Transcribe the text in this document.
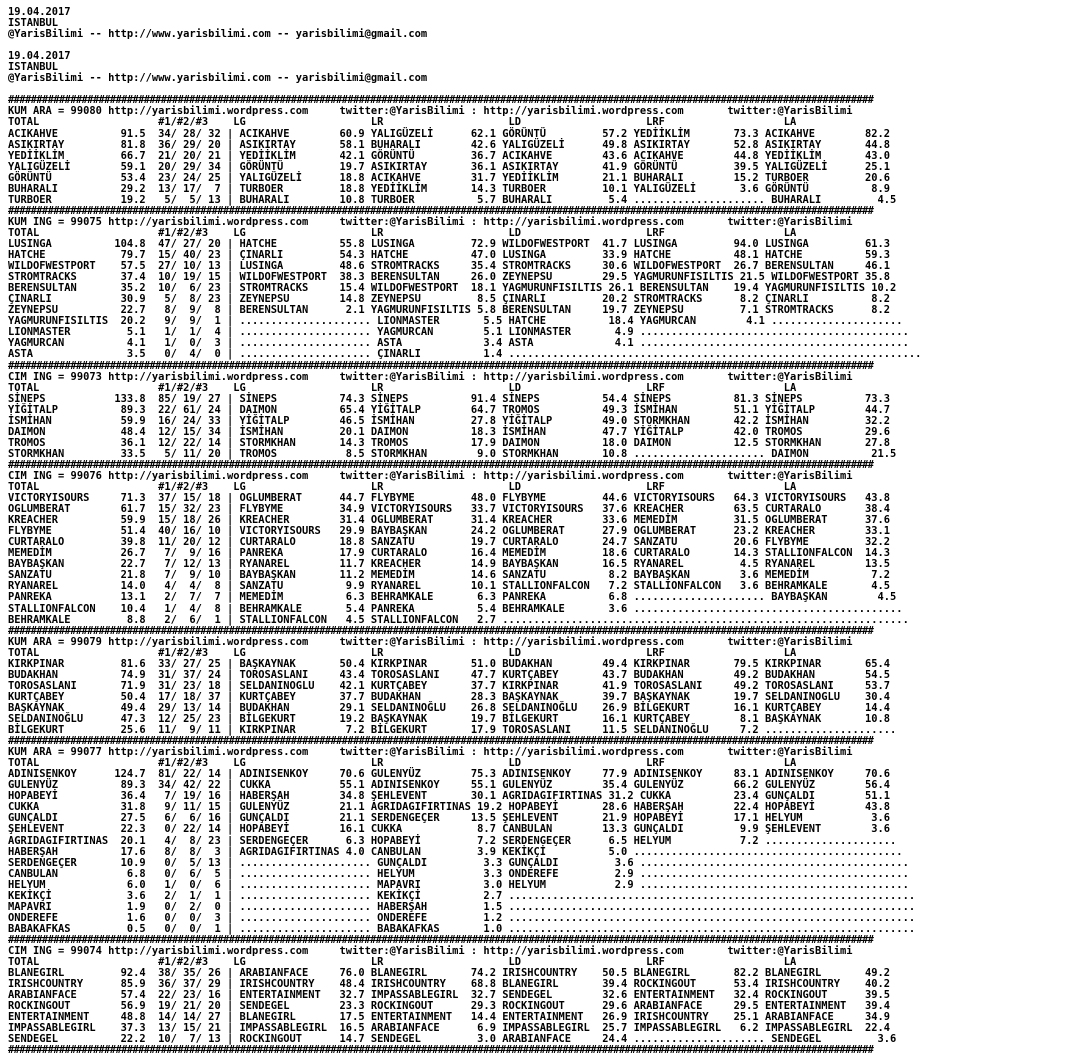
19.04.2017
ISTANBUL
@YarisBilimi -- http://www.yarisbilimi.com -- yarisbilimi@gmail.com

19.04.2017
ISTANBUL
@YarisBilimi -- http://www.yarisbilimi.com -- yarisbilimi@gmail.com

#########################################################################################################################################################
KUM ARA = 99080 http://yarisbilimi.wordpress.com     twitter:@YarisBilimi : http://yarisbilimi.wordpress.com       twitter:@YarisBilimi
TOTAL                   #1/#2/#3    LG                    LR                    LD                    LRF                   LA
ACIKAHVE          91.5  34/ 28/ 32 | ACIKAHVE        60.9 YALIGÜZELİ      62.1 GÖRÜNTÜ         57.2 YEDİİKLİM       73.3 ACIKAHVE        82.2
ASIKIRTAY         81.8  36/ 29/ 20 | ASIKIRTAY       58.1 BUHARALI        42.6 YALIGÜZELİ      49.8 ASIKIRTAY       52.8 ASIKIRTAY       44.8
YEDİİKLİM         66.7  21/ 20/ 21 | YEDİİKLİM       42.1 GÖRÜNTÜ         36.7 ACIKAHVE        43.6 ACIKAHVE        44.8 YEDİİKLİM       43.0
YALIGÜZELİ        59.1  20/ 29/ 34 | GÖRÜNTÜ         19.7 ASIKIRTAY       36.1 ASIKIRTAY       41.9 GÖRÜNTÜ         39.5 YALIGÜZELİ      25.1
GÖRÜNTÜ           53.4  23/ 24/ 25 | YALIGÜZELİ      18.8 ACIKAHVE        31.7 YEDİİKLİM       21.1 BUHARALI        15.2 TURBOER         20.6
BUHARALI          29.2  13/ 17/  7 | TURBOER         18.8 YEDİİKLİM       14.3 TURBOER         10.1 YALIGÜZELİ       3.6 GÖRÜNTÜ          8.9
TURBOER           19.2   5/  5/ 13 | BUHARALI        10.8 TURBOER          5.7 BUHARALI         5.4 ..................... BUHARALI         4.5
#########################################################################################################################################################
KUM ING = 99075 http://yarisbilimi.wordpress.com     twitter:@YarisBilimi : http://yarisbilimi.wordpress.com       twitter:@YarisBilimi
TOTAL                   #1/#2/#3    LG                    LR                    LD                    LRF                   LA
LUSINGA          104.8  47/ 27/ 20 | HATCHE          55.8 LUSINGA         72.9 WILDOFWESTPORT  41.7 LUSINGA         94.0 LUSINGA         61.3
HATCHE            79.7  15/ 40/ 23 | ÇINARLI         54.3 HATCHE          47.0 LUSINGA         33.9 HATCHE          48.1 HATCHE          59.3
WILDOFWESTPORT    57.5  27/ 10/ 13 | LUSINGA         48.6 STROMTRACKS     35.4 STROMTRACKS     30.6 WILDOFWESTPORT  26.7 BERENSULTAN     46.1
STROMTRACKS       37.4  10/ 19/ 15 | WILDOFWESTPORT  38.3 BERENSULTAN     26.0 ZEYNEPSU        29.5 YAGMURUNFISILTIS 21.5 WILDOFWESTPORT 35.8
BERENSULTAN       35.2  10/  6/ 23 | STROMTRACKS     15.4 WILDOFWESTPORT  18.1 YAGMURUNFISILTIS 26.1 BERENSULTAN    19.4 YAGMURUNFISILTIS 10.2
ÇINARLI           30.9   5/  8/ 23 | ZEYNEPSU        14.8 ZEYNEPSU         8.5 ÇINARLI         20.2 STROMTRACKS      8.2 ÇINARLI          8.2
ZEYNEPSU          22.7   8/  9/  8 | BERENSULTAN      2.1 YAGMURUNFISILTIS 5.8 BERENSULTAN     19.7 ZEYNEPSU         7.1 STROMTRACKS      8.2
YAGMURUNFISILTIS  20.2   9/  9/  1 | ..................... LIONMASTER       5.5 HATCHE          18.4 YAGMURCAN        4.1 .....................
LIONMASTER         5.1   1/  1/  4 | ..................... YAGMURCAN        5.1 LIONMASTER       4.9 ...........................................
YAGMURCAN          4.1   1/  0/  3 | ..................... ASTA             3.4 ASTA             4.1 ...........................................
ASTA               3.5   0/  4/  0 | ..................... ÇINARLI          1.4 ..................................................................
#########################################################################################################################################################
CIM ING = 99073 http://yarisbilimi.wordpress.com     twitter:@YarisBilimi : http://yarisbilimi.wordpress.com       twitter:@YarisBilimi
TOTAL                   #1/#2/#3    LG                    LR                    LD                    LRF                   LA
SİNEPS           133.8  85/ 19/ 27 | SİNEPS          74.3 SİNEPS          91.4 SİNEPS          54.4 SİNEPS          81.3 SİNEPS          73.3
YİĞİTALP          89.3  22/ 61/ 24 | DAIMON          65.4 YİĞİTALP        64.7 TROMOS          49.3 İSMİHAN         51.1 YİĞİTALP        44.7
İSMİHAN           59.9  16/ 24/ 33 | YİĞİTALP        46.5 İSMİHAN         27.8 YİĞİTALP        49.0 STORMKHAN       42.2 İSMİHAN         32.2
DAIMON            48.4  12/ 15/ 34 | İSMİHAN         20.1 DAIMON          18.3 İSMİHAN         47.7 YİĞİTALP        42.0 TROMOS          29.6
TROMOS            36.1  12/ 22/ 14 | STORMKHAN       14.3 TROMOS          17.9 DAIMON          18.0 DAIMON          12.5 STORMKHAN       27.8
STORMKHAN         33.5   5/ 11/ 20 | TROMOS           8.5 STORMKHAN        9.0 STORMKHAN       10.8 ..................... DAIMON          21.5
#########################################################################################################################################################
CIM ING = 99076 http://yarisbilimi.wordpress.com     twitter:@YarisBilimi : http://yarisbilimi.wordpress.com       twitter:@YarisBilimi
TOTAL                   #1/#2/#3    LG                    LR                    LD                    LRF                   LA
VICTORYISOURS     71.3  37/ 15/ 18 | OGLUMBERAT      44.7 FLYBYME         48.0 FLYBYME         44.6 VICTORYISOURS   64.3 VICTORYISOURS   43.8
OGLUMBERAT        61.7  15/ 32/ 23 | FLYBYME         34.9 VICTORYISOURS   33.7 VICTORYISOURS   37.6 KREACHER        63.5 CURTARALO       38.4
KREACHER          59.9  15/ 18/ 26 | KREACHER        31.4 OGLUMBERAT      31.4 KREACHER        33.6 MEMEDİM         31.5 OGLUMBERAT      37.6
FLYBYME           51.4  40/ 16/ 10 | VICTORYISOURS   29.9 BAYBAŞKAN       24.2 OGLUMBERAT      27.9 OGLUMBERAT      23.2 KREACHER        33.1
CURTARALO         39.8  11/ 20/ 12 | CURTARALO       18.8 SANZATU         19.7 CURTARALO       24.7 SANZATU         20.6 FLYBYME         32.2
MEMEDİM           26.7   7/  9/ 16 | PANREKA         17.9 CURTARALO       16.4 MEMEDİM         18.6 CURTARALO       14.3 STALLIONFALCON  14.3
BAYBAŞKAN         22.7   7/ 12/ 13 | RYANAREL        11.7 KREACHER        14.9 BAYBAŞKAN       16.5 RYANAREL         4.5 RYANAREL        13.5
SANZATU           21.8   7/  9/ 10 | BAYBAŞKAN       11.2 MEMEDİM         14.6 SANZATU          8.2 BAYBAŞKAN        3.6 MEMEDİM          7.2
RYANAREL          14.0   4/  4/  8 | SANZATU          9.9 RYANAREL        10.1 STALLIONFALCON   7.2 STALLIONFALCON   3.6 BEHRAMKALE       4.5
PANREKA           13.1   2/  7/  7 | MEMEDİM          6.3 BEHRAMKALE       6.3 PANREKA          6.8 ..................... BAYBAŞKAN        4.5
STALLIONFALCON    10.4   1/  4/  8 | BEHRAMKALE       5.4 PANREKA          5.4 BEHRAMKALE       3.6 ...........................................
BEHRAMKALE         8.8   2/  6/  1 | STALLIONFALCON   4.5 STALLIONFALCON   2.7 .................................................................
#########################################################################################################################################################
KUM ARA = 99079 http://yarisbilimi.wordpress.com     twitter:@YarisBilimi : http://yarisbilimi.wordpress.com       twitter:@YarisBilimi
TOTAL                   #1/#2/#3    LG                    LR                    LD                    LRF                   LA
KIRKPINAR         81.6  33/ 27/ 25 | BAŞKAYNAK       50.4 KIRKPINAR       51.0 BUDAKHAN        49.4 KIRKPINAR       79.5 KIRKPINAR       65.4
BUDAKHAN          74.9  31/ 37/ 24 | TOROSASLANI     43.4 TOROSASLANI     47.7 KURTÇABEY       43.7 BUDAKHAN        49.2 BUDAKHAN        54.5
TOROSASLANI       71.9  31/ 23/ 18 | SELDANINOGLU    42.1 KURTÇABEY       37.7 KIRKPINAR       41.9 TOROSASLANI     49.2 TOROSASLANI     53.7
KURTÇABEY         50.4  17/ 18/ 37 | KURTÇABEY       37.7 BUDAKHAN        28.3 BAŞKAYNAK       39.7 BAŞKAYNAK       19.7 SELDANINOGLU    30.4
BAŞKAYNAK         49.4  29/ 13/ 14 | BUDAKHAN        29.1 SELDANINOĞLU    26.8 SELDANINOĞLU    26.9 BİLGEKURT       16.1 KURTÇABEY       14.4
SELDANINOĞLU      47.3  12/ 25/ 23 | BİLGEKURT       19.2 BAŞKAYNAK       19.7 BİLGEKURT       16.1 KURTÇABEY        8.1 BAŞKAYNAK       10.8
BİLGEKURT         25.6  11/  9/ 11 | KIRKPINAR        7.2 BİLGEKURT       17.9 TOROSASLANI     11.5 SELDANINOĞLU     7.2 .....................
#########################################################################################################################################################
KUM ARA = 99077 http://yarisbilimi.wordpress.com     twitter:@YarisBilimi : http://yarisbilimi.wordpress.com       twitter:@YarisBilimi
TOTAL                   #1/#2/#3    LG                    LR                    LD                    LRF                   LA
ADINISENKOY      124.7  81/ 22/ 14 | ADINISENKOY     70.6 GULENYÜZ        75.3 ADINISENKOY     77.9 ADINISENKOY     83.1 ADINISENKOY     70.6
GULENYÜZ          89.3  34/ 42/ 22 | CUKKA           55.1 ADINISENKOY     55.1 GULENYÜZ        35.4 GULENYÜZ        66.2 GULENYÜZ        56.4
HOPABEYİ          36.4   7/ 19/ 16 | HABERŞAH        34.8 ŞEHLEVENT       30.1 AGRIDAGIFIRTINAS 31.2 CUKKA          23.4 GUNÇALDI        51.1
CUKKA             31.8   9/ 11/ 15 | GULENYÜZ        21.1 AGRIDAGIFIRTINAS 19.2 HOPABEYİ       28.6 HABERŞAH        22.4 HOPABEYİ        43.8
GUNÇALDI          27.5   6/  6/ 16 | GUNÇALDI        21.1 SERDENGEÇER     13.5 ŞEHLEVENT       21.9 HOPABEYİ        17.1 HELYUM           3.6
ŞEHLEVENT         22.3   0/ 22/ 14 | HOPABEYİ        16.1 CUKKA            8.7 CANBULAN        13.3 GUNÇALDI         9.9 ŞEHLEVENT        3.6
AGRIDAGIFIRTINAS  20.1   4/  8/ 23 | SERDENGEÇER      6.3 HOPABEYİ         7.2 SERDENGEÇER      6.5 HELYUM           7.2 .....................
HABERŞAH          17.6   8/  8/  3 | AGRIDAGIFIRTINAS 4.0 CANBULAN         3.9 KEKİKÇİ          5.0 ...........................................
SERDENGEÇER       10.9   0/  5/ 13 | ..................... GUNÇALDI         3.3 GUNÇALDI         3.6 ...........................................
CANBULAN           6.8   0/  6/  5 | ..................... HELYUM           3.3 ONDEREFE         2.9 ...........................................
HELYUM             6.0   1/  0/  6 | ..................... MAPAVRI          3.0 HELYUM           2.9 ...........................................
KEKİKÇİ            3.6   2/  1/  1 | ..................... KEKİKÇİ          2.7 .................................................................
MAPAVRI            1.9   0/  2/  0 | ..................... HABERŞAH         1.5 .................................................................
ONDEREFE           1.6   0/  0/  3 | ..................... ONDEREFE         1.2 .................................................................
BABAKAFKAS         0.5   0/  0/  1 | ..................... BABAKAFKAS       1.0 .................................................................
#########################################################################################################################################################
CIM ING = 99074 http://yarisbilimi.wordpress.com     twitter:@YarisBilimi : http://yarisbilimi.wordpress.com       twitter:@YarisBilimi
TOTAL                   #1/#2/#3    LG                    LR                    LD                    LRF                   LA
BLANEGIRL         92.4  38/ 35/ 26 | ARABIANFACE     76.0 BLANEGIRL       74.2 IRISHCOUNTRY    50.5 BLANEGIRL       82.2 BLANEGIRL       49.2
IRISHCOUNTRY      85.9  36/ 37/ 29 | IRISHCOUNTRY    48.4 IRISHCOUNTRY    68.8 BLANEGIRL       39.4 ROCKINGOUT      53.4 IRISHCOUNTRY    40.2
ARABIANFACE       57.4  22/ 23/ 16 | ENTERTAINMENT   32.7 IMPASSABLEGIRL  32.7 SENDEGEL        32.6 ENTERTAINMENT   32.4 ROCKINGOUT      39.5
ROCKINGOUT        56.9  19/ 21/ 20 | SENDEGEL        23.3 ROCKINGOUT      29.3 ROCKINGOUT      29.6 ARABIANFACE     29.5 ENTERTAINMENT   39.4
ENTERTAINMENT     48.8  14/ 14/ 27 | BLANEGIRL       17.5 ENTERTAINMENT   14.4 ENTERTAINMENT   26.9 IRISHCOUNTRY    25.1 ARABIANFACE     34.9
IMPASSABLEGIRL    37.3  13/ 15/ 21 | IMPASSABLEGIRL  16.5 ARABIANFACE      6.9 IMPASSABLEGIRL  25.7 IMPASSABLEGIRL   6.2 IMPASSABLEGIRL  22.4
SENDEGEL          22.2  10/  7/ 13 | ROCKINGOUT      14.7 SENDEGEL         3.0 ARABIANFACE     24.4 ..................... SENDEGEL         3.6
#########################################################################################################################################################
